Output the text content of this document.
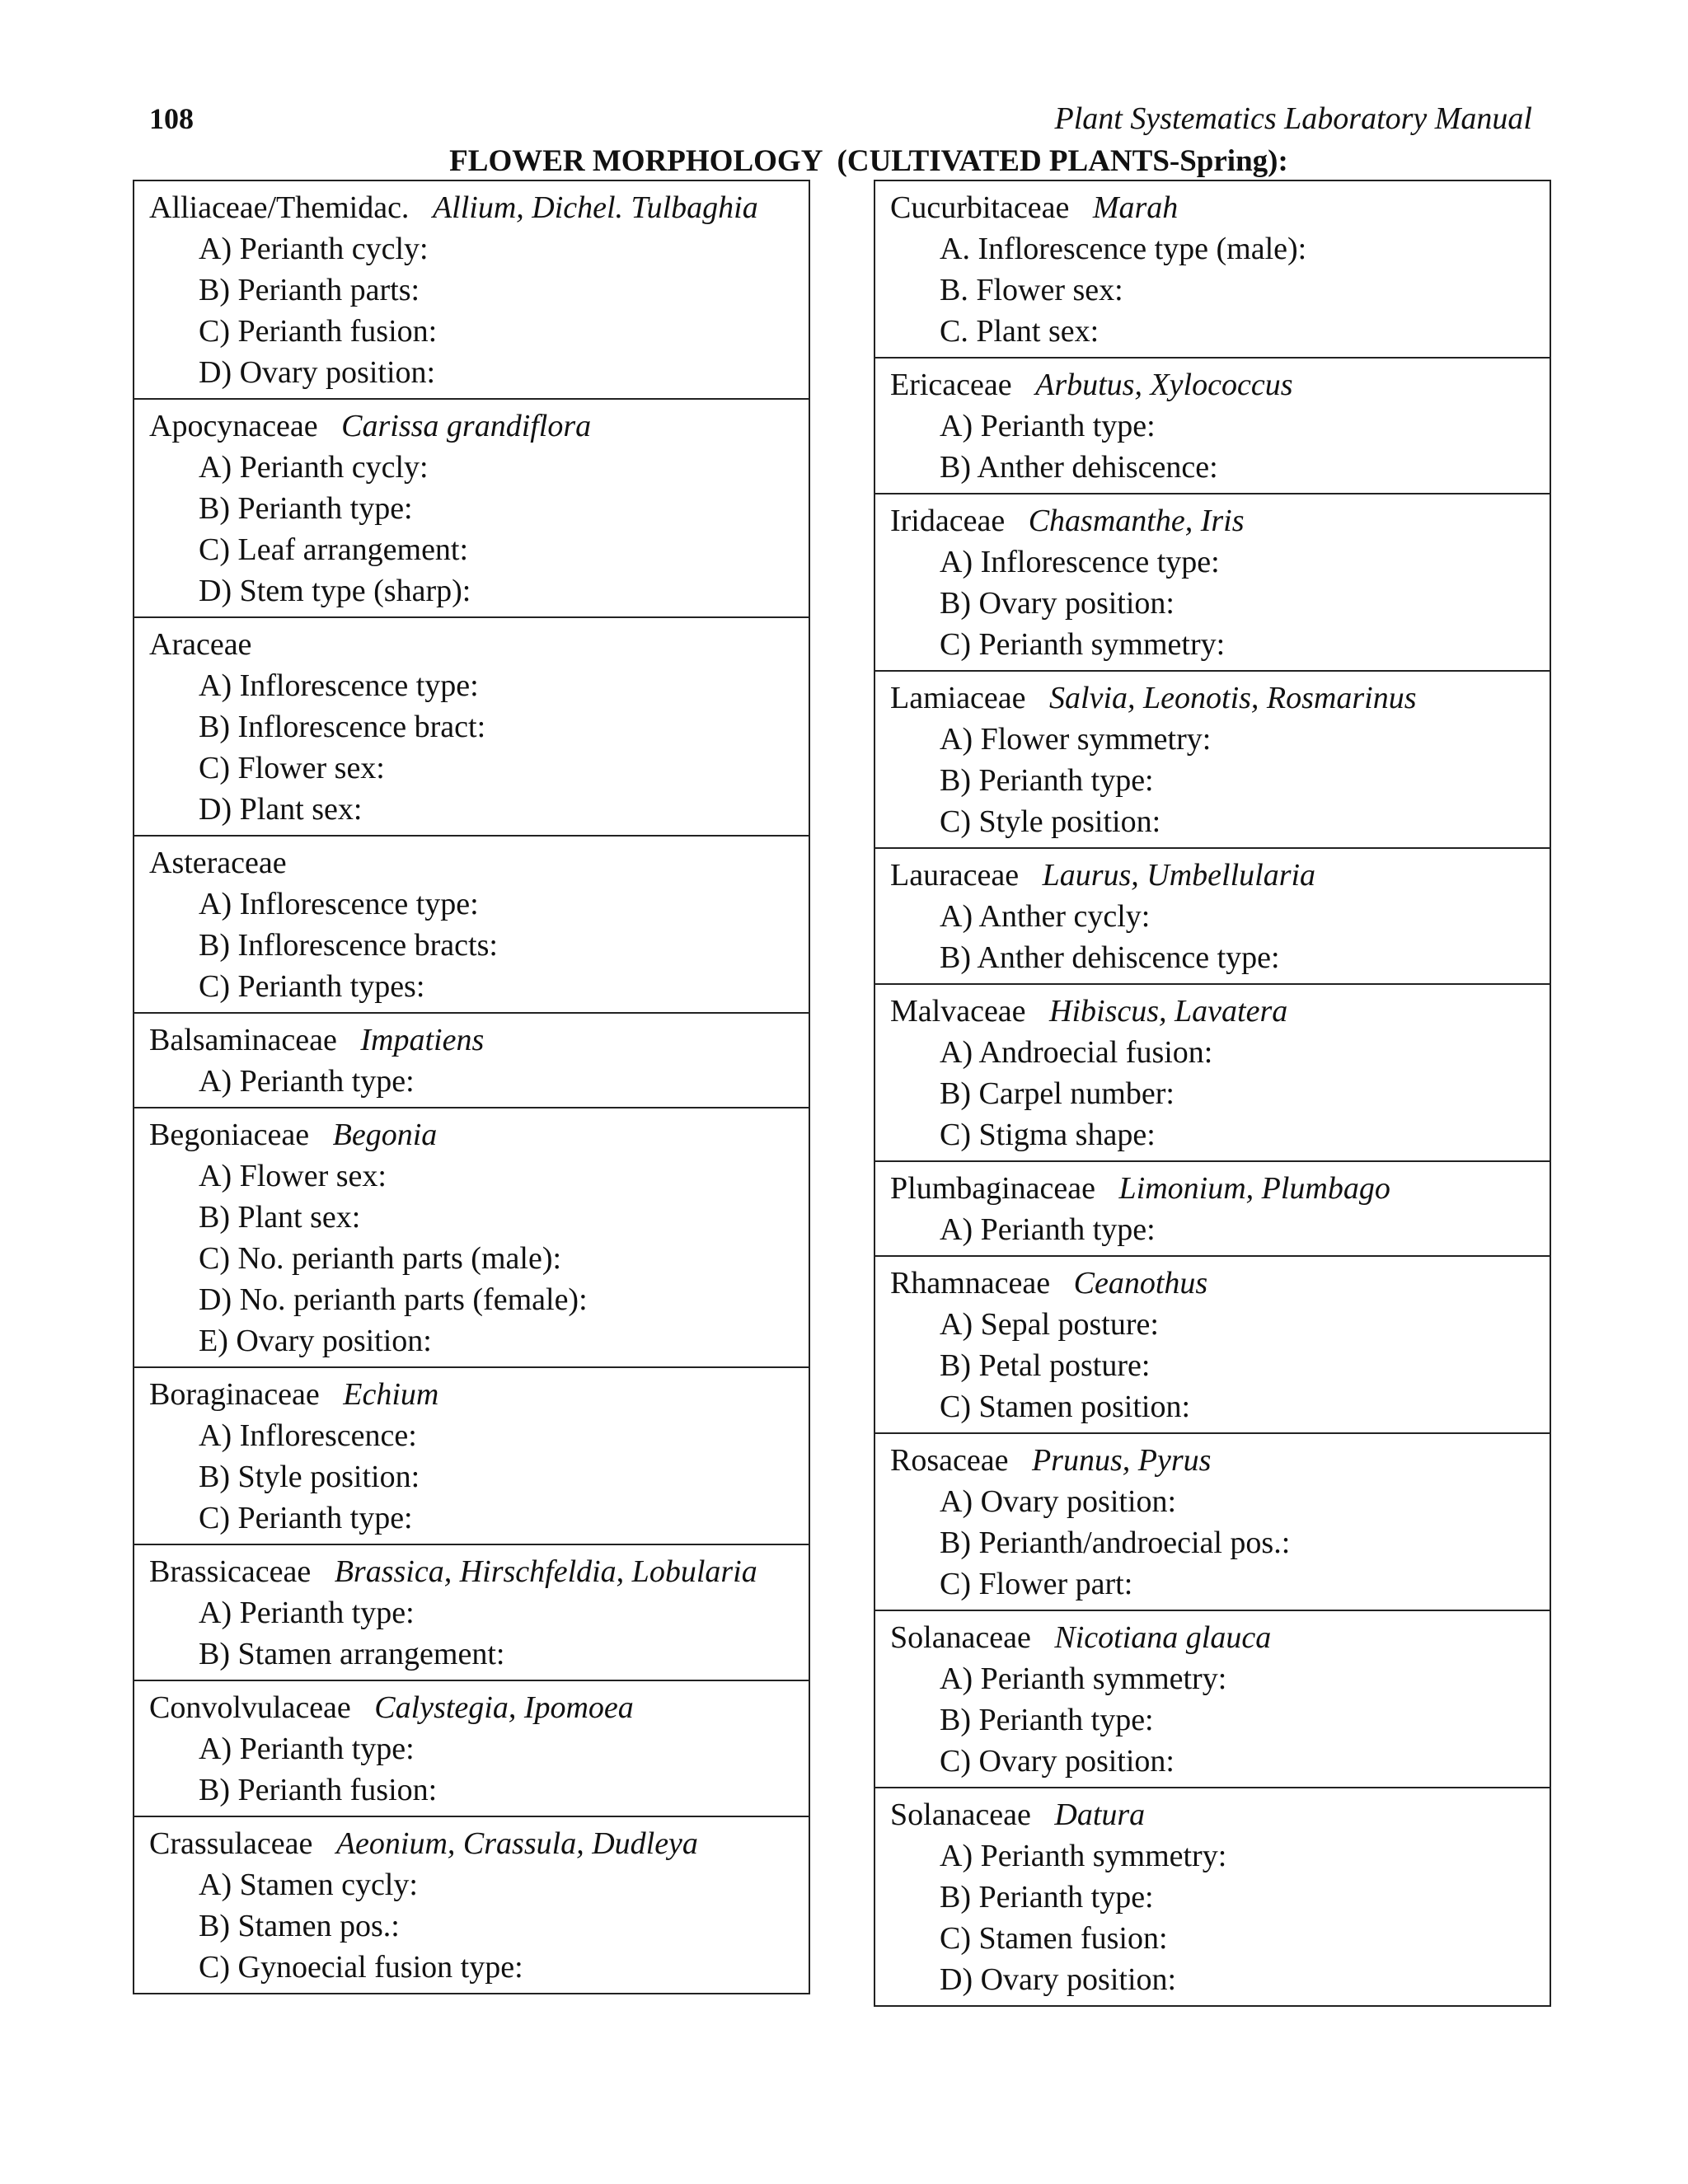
108	Plant Systematics Laboratory Manual
FLOWER MORPHOLOGY  (CULTIVATED PLANTS-Spring):
Alliaceae/Themidac. Allium, Dichel. Tulbaghia
A) Perianth cycly:
B) Perianth parts:
C) Perianth fusion:
D) Ovary position:
Apocynaceae Carissa grandiflora
A) Perianth cycly:
B) Perianth type:
C) Leaf arrangement:
D) Stem type (sharp):
Araceae
A) Inflorescence type:
B) Inflorescence bract:
C) Flower sex:
D) Plant sex:
Asteraceae
A) Inflorescence type:
B) Inflorescence bracts:
C) Perianth types:
Balsaminaceae Impatiens
A) Perianth type:
Begoniaceae Begonia
A) Flower sex:
B) Plant sex:
C) No. perianth parts (male):
D) No. perianth parts (female):
E) Ovary position:
Boraginaceae Echium
A) Inflorescence:
B) Style position:
C) Perianth type:
Brassicaceae Brassica, Hirschfeldia, Lobularia
A) Perianth type:
B) Stamen arrangement:
Convolvulaceae Calystegia, Ipomoea
A) Perianth type:
B) Perianth fusion:
Crassulaceae Aeonium, Crassula, Dudleya
A) Stamen cycly:
B) Stamen pos.:
C) Gynoecial fusion type:
Cucurbitaceae Marah
A. Inflorescence type (male):
B. Flower sex:
C. Plant sex:
Ericaceae Arbutus, Xylococcus
A) Perianth type:
B) Anther dehiscence:
Iridaceae Chasmanthe, Iris
A) Inflorescence type:
B) Ovary position:
C) Perianth symmetry:
Lamiaceae Salvia, Leonotis, Rosmarinus
A) Flower symmetry:
B) Perianth type:
C) Style position:
Lauraceae Laurus, Umbellularia
A) Anther cycly:
B) Anther dehiscence type:
Malvaceae Hibiscus, Lavatera
A) Androecial fusion:
B) Carpel number:
C) Stigma shape:
Plumbaginaceae Limonium, Plumbago
A) Perianth type:
Rhamnaceae Ceanothus
A) Sepal posture:
B) Petal posture:
C) Stamen position:
Rosaceae Prunus, Pyrus
A) Ovary position:
B) Perianth/androecial pos.:
C) Flower part:
Solanaceae Nicotiana glauca
A) Perianth symmetry:
B) Perianth type:
C) Ovary position:
Solanaceae Datura
A) Perianth symmetry:
B) Perianth type:
C) Stamen fusion:
D) Ovary position:
